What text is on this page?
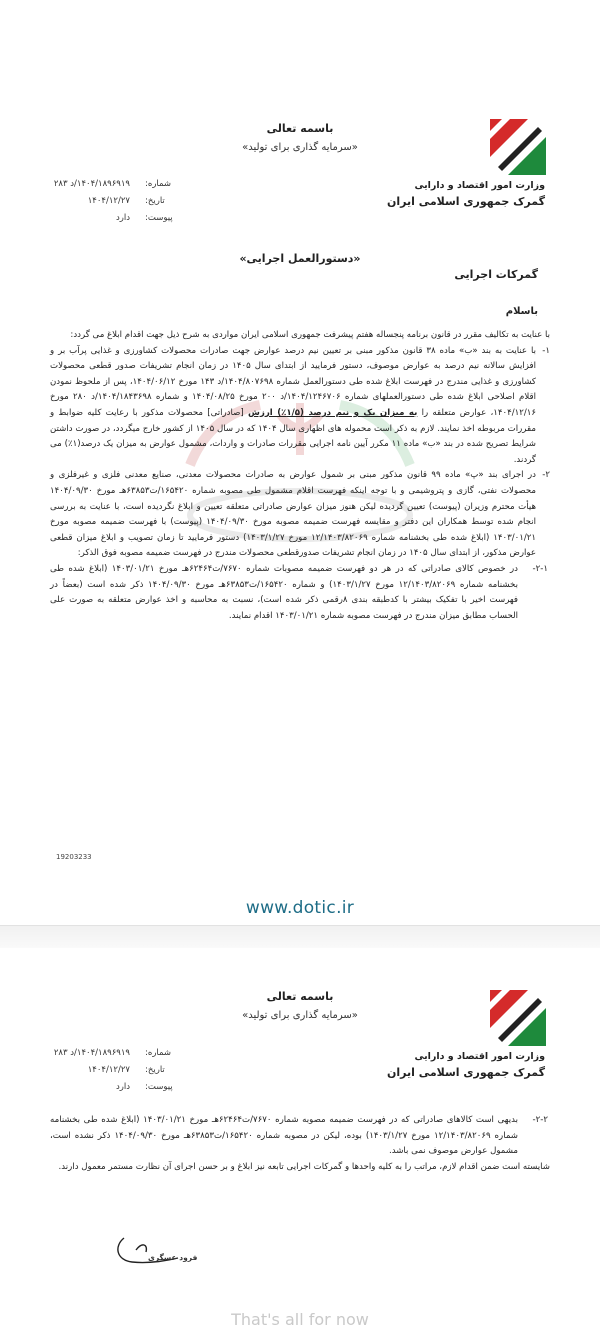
وزارت امور اقتصاد و دارایی
گمرک جمهوری اسلامی ایران
باسمه تعالی
«سرمایه گذاری برای تولید»
شماره:
۱۴۰۴/۱۸۹۶۹۱۹/د ۲۸۳
تاریخ:
۱۴۰۴/۱۲/۲۷
پیوست:
دارد
«دستورالعمل اجرایی»
گمرکات اجرایی
باسلام

با عنایت به تکالیف مقرر در قانون برنامه پنجساله هفتم پیشرفت جمهوری اسلامی ایران مواردی به شرح ذیل جهت اقدام ابلاغ می گردد:

۱-
با عنایت به بند «ب» ماده ۳۸ قانون مذکور مبنی بر تعیین نیم درصد عوارض جهت صادرات محصولات کشاورزی و غذایی پرآب بر و افزایش سالانه نیم درصد به عوارض موصوف، دستور فرمایید از ابتدای سال ۱۴۰۵ در زمان انجام تشریفات صدور قطعی محصولات کشاورزی و غذایی مندرج در فهرست ابلاغ شده طی دستورالعمل شماره ۱۴۰۴/۸۰۷۶۹۸/د ۱۴۳ مورخ ۱۴۰۴/۰۶/۱۲، پس از ملحوظ نمودن اقلام اصلاحی ابلاغ شده طی دستورالعملهای شماره ۱۴۰۴/۱۲۴۶۷۰۶/د ۲۰۰ مورخ ۱۴۰۴/۰۸/۲۵ و شماره ۱۴۰۴/۱۸۴۳۶۹۸/د ۲۸۰ مورخ ۱۴۰۴/۱۲/۱۶، عوارض متعلقه را به میزان یک و نیم درصد (۱/۵٪) ارزش [صادراتی] محصولات مذکور با رعایت کلیه ضوابط و مقررات مربوطه اخذ نمایند. لازم به ذکر است محموله های اظهاری سال ۱۴۰۴ که در سال ۱۴۰۵ از کشور خارج میگردد، در صورت داشتن شرایط تصریح شده در بند «ب» ماده ۱۱ مکرر آیین نامه اجرایی مقررات صادرات و واردات، مشمول عوارض به میزان یک درصد(۱٪) می گردند.

۲-
در اجرای بند «پ» ماده ۹۹ قانون مذکور مبنی بر شمول عوارض به صادرات محصولات معدنی، صنایع معدنی فلزی و غیرفلزی و محصولات نفتی، گازی و پتروشیمی و با توجه اینکه فهرست اقلام مشمول طی مصوبه شماره ۱۶۵۴۲۰/ت۶۳۸۵۳هـ مورخ ۱۴۰۴/۰۹/۳۰ هیأت محترم وزیران (پیوست) تعیین گردیده لیکن هنوز میزان عوارض صادراتی متعلقه تعیین و ابلاغ نگردیده است، با عنایت به بررسی انجام شده توسط همکاران این دفتر و مقایسه فهرست ضمیمه مصوبه مورخ ۱۴۰۴/۰۹/۳۰ (پیوست) با فهرست ضمیمه مصوبه مورخ ۱۴۰۳/۰۱/۲۱ (ابلاغ شده طی بخشنامه شماره ۱۲/۱۴۰۳/۸۲۰۶۹ مورخ ۱۴۰۳/۱/۲۷) دستور فرمایید تا زمان تصویب و ابلاغ میزان قطعی عوارض مذکور، از ابتدای سال ۱۴۰۵ در زمان انجام تشریفات صدورقطعی محصولات مندرج در فهرست ضمیمه مصوبه فوق الذکر:

۲-۱-
در خصوص کالای صادراتی که در هر دو فهرست ضمیمه مصوبات شماره ۷۶۷۰/ت۶۲۴۶۴هـ مورخ ۱۴۰۳/۰۱/۲۱ (ابلاغ شده طی بخشنامه شماره ۱۲/۱۴۰۳/۸۲۰۶۹ مورخ ۱۴۰۳/۱/۲۷) و شماره ۱۶۵۴۲۰/ت۶۳۸۵۳هـ مورخ ۱۴۰۴/۰۹/۳۰ ذکر شده است (بعضاً در فهرست اخیر با تفکیک بیشتر با کدطبقه بندی ۸رقمی ذکر شده است)، نسبت به محاسبه و اخذ عوارض متعلقه به صورت علی الحساب مطابق میزان مندرج در فهرست مصوبه شماره ۱۴۰۳/۰۱/۲۱ اقدام نمایند.

19203233
www.dotic.ir
وزارت امور اقتصاد و دارایی
گمرک جمهوری اسلامی ایران
باسمه تعالی
«سرمایه گذاری برای تولید»
شماره:
۱۴۰۴/۱۸۹۶۹۱۹/د ۲۸۳
تاریخ:
۱۴۰۴/۱۲/۲۷
پیوست:
دارد

۲-۲-
بدیهی است کالاهای صادراتی که در فهرست ضمیمه مصوبه شماره ۷۶۷۰/ت۶۲۴۶۴هـ مورخ ۱۴۰۳/۰۱/۲۱ (ابلاغ شده طی بخشنامه شماره ۱۲/۱۴۰۳/۸۲۰۶۹ مورخ ۱۴۰۳/۱/۲۷) بوده، لیکن در مصوبه شماره ۱۶۵۴۲۰/ت۶۳۸۵۳هـ مورخ ۱۴۰۴/۰۹/۳۰ ذکر نشده است، مشمول عوارض موصوف نمی باشد.

شایسته است ضمن اقدام لازم، مراتب را به کلیه واحدها و گمرکات اجرایی تابعه نیز ابلاغ و بر حسن اجرای آن نظارت مستمر معمول دارند.

فرود عسگری
That's all for now
